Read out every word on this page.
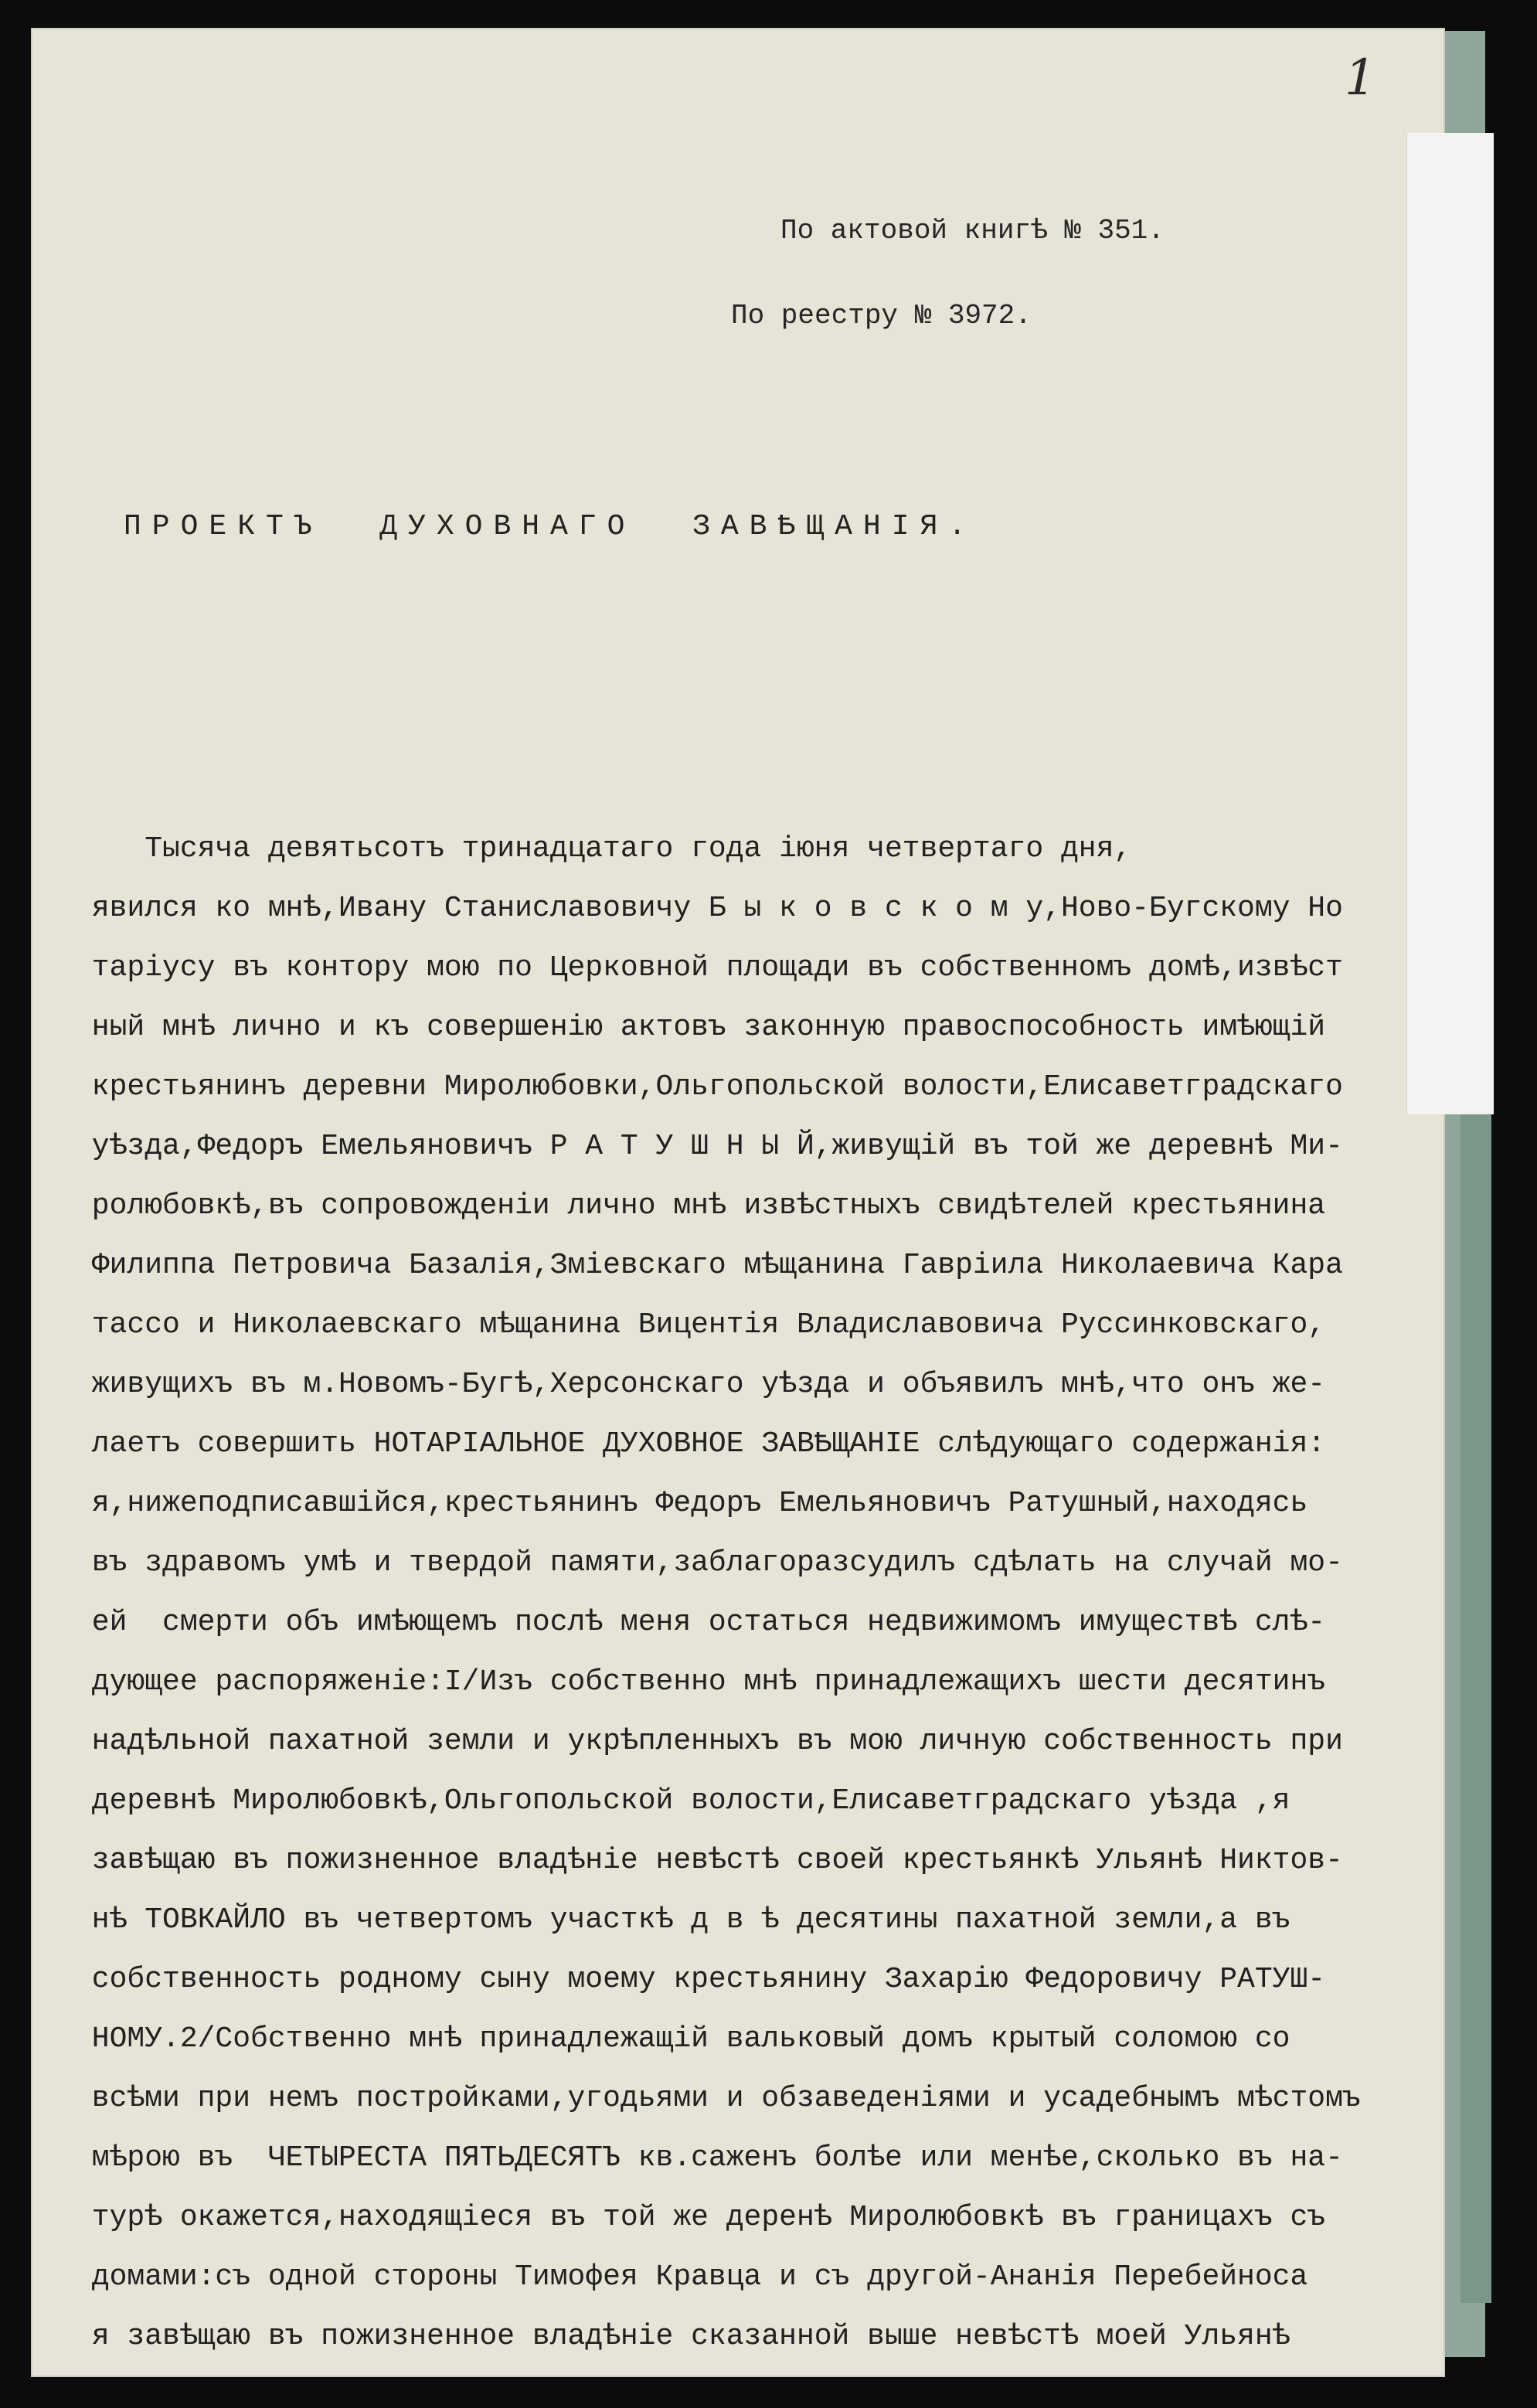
1
По актовой книгѣ № 351.
По реестру № 3972.
ПРОЕКТЪ  ДУХОВНАГО  ЗАВѢЩАНІЯ.
Тысяча девятьсотъ тринадцатаго года іюня четвертаго дня,
явился ко мнѣ,Ивану Станиславовичу Б ы к о в с к о м у,Ново-Бугскому Но
таріусу въ контору мою по Церковной площади въ собственномъ домѣ,извѣст
ный мнѣ лично и къ совершенію актовъ законную правоспособность имѣющій
крестьянинъ деревни Миролюбовки,Ольгопольской волости,Елисаветградскаго
уѣзда,Федоръ Емельяновичъ Р А Т У Ш Н Ы Й,живущій въ той же деревнѣ Ми-
ролюбовкѣ,въ сопровожденіи лично мнѣ извѣстныхъ свидѣтелей крестьянина
Филиппа Петровича Базалія,Зміевскаго мѣщанина Гавріила Николаевича Кара
тассо и Николаевскаго мѣщанина Вицентія Владиславовича Руссинковскаго,
живущихъ въ м.Новомъ-Бугѣ,Херсонскаго уѣзда и объявилъ мнѣ,что онъ же-
лаетъ совершить НОТАРІАЛЬНОЕ ДУХОВНОЕ ЗАВѢЩАНІЕ слѣдующаго содержанія:
я,нижеподписавшійся,крестьянинъ Федоръ Емельяновичъ Ратушный,находясь
въ здравомъ умѣ и твердой памяти,заблагоразсудилъ сдѣлать на случай мо-
ей  смерти объ имѣющемъ послѣ меня остаться недвижимомъ имуществѣ слѣ-
дующее распоряженіе:I/Изъ собственно мнѣ принадлежащихъ шести десятинъ
надѣльной пахатной земли и укрѣпленныхъ въ мою личную собственность при
деревнѣ Миролюбовкѣ,Ольгопольской волости,Елисаветградскаго уѣзда ,я
завѣщаю въ пожизненное владѣніе невѣстѣ своей крестьянкѣ Ульянѣ Никтов-
нѣ ТОВКАЙЛО въ четвертомъ участкѣ д в ѣ десятины пахатной земли,а въ
собственность родному сыну моему крестьянину Захарію Федоровичу РАТУШ-
НОМУ.2/Собственно мнѣ принадлежащій вальковый домъ крытый соломою со
всѣми при немъ постройками,угодьями и обзаведеніями и усадебнымъ мѣстомъ
мѣрою въ  ЧЕТЫРЕСТА ПЯТЬДЕСЯТЪ кв.саженъ болѣе или менѣе,сколько въ на-
турѣ окажется,находящіеся въ той же деренѣ Миролюбовкѣ въ границахъ съ
домами:съ одной стороны Тимофея Кравца и съ другой-Ананія Перебейноса
я завѣщаю въ пожизненное владѣніе сказанной выше невѣстѣ моей Ульянѣ
